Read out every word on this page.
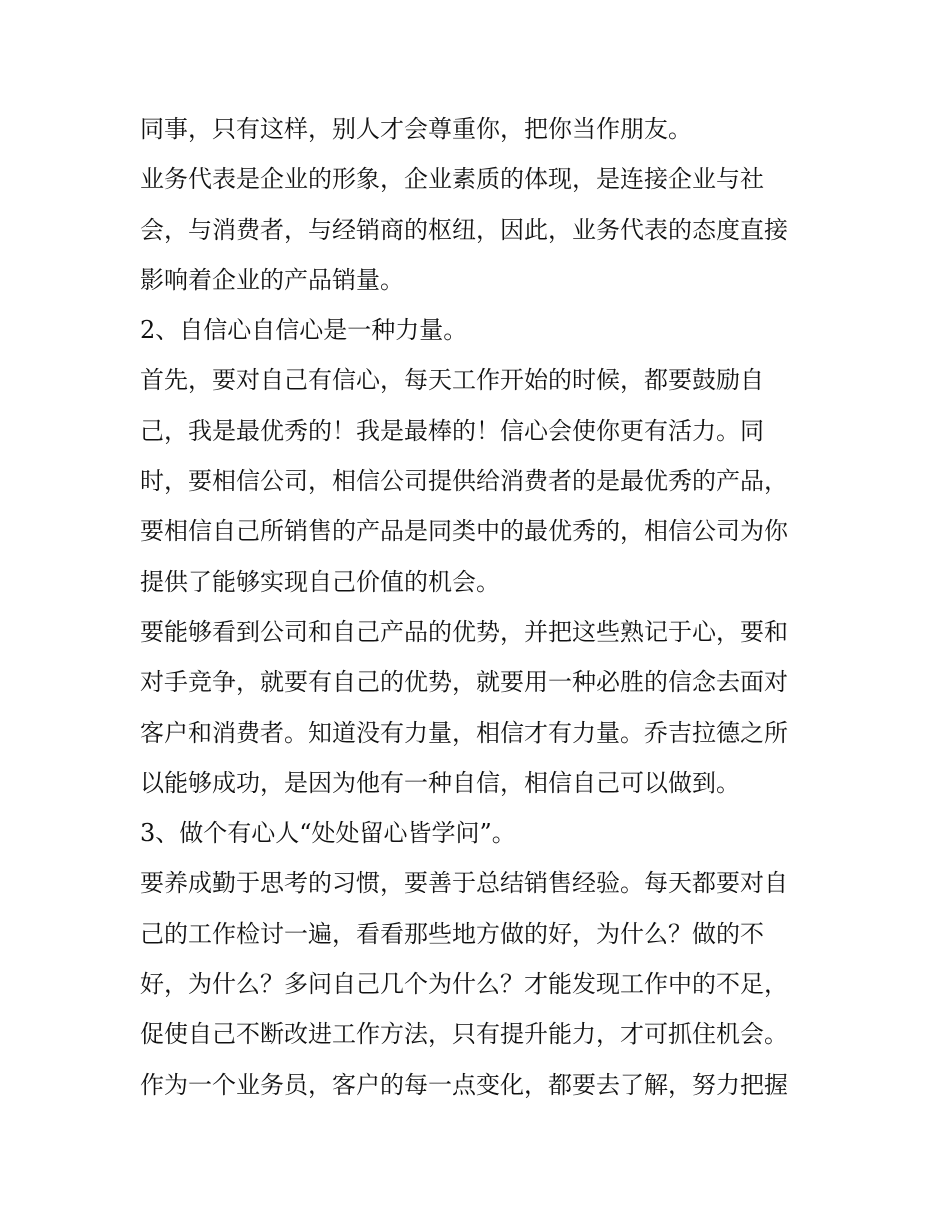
同事，只有这样，别人才会尊重你，把你当作朋友。
业务代表是企业的形象，企业素质的体现，是连接企业与社
会，与消费者，与经销商的枢纽，因此，业务代表的态度直接
影响着企业的产品销量。
2、自信心自信心是一种力量。
首先，要对自己有信心，每天工作开始的时候，都要鼓励自
己，我是最优秀的！我是最棒的！信心会使你更有活力。同
时，要相信公司，相信公司提供给消费者的是最优秀的产品，
要相信自己所销售的产品是同类中的最优秀的，相信公司为你
提供了能够实现自己价值的机会。
要能够看到公司和自己产品的优势，并把这些熟记于心，要和
对手竞争，就要有自己的优势，就要用一种必胜的信念去面对
客户和消费者。知道没有力量，相信才有力量。乔吉拉德之所
以能够成功，是因为他有一种自信，相信自己可以做到。
3、做个有心人“处处留心皆学问”。
要养成勤于思考的习惯，要善于总结销售经验。每天都要对自
己的工作检讨一遍，看看那些地方做的好，为什么？做的不
好，为什么？多问自己几个为什么？才能发现工作中的不足，
促使自己不断改进工作方法，只有提升能力，才可抓住机会。
作为一个业务员，客户的每一点变化，都要去了解，努力把握
